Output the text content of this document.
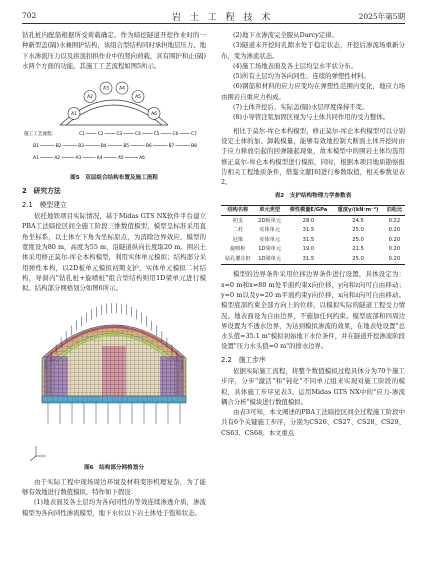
702	岩 土 工 程 技 术	2025年第5期

钻孔桩内配筋根据所受荷载确定。作为暗挖隧道开挖作业时的一种新型盖(隔)水兼围护结构，该组合型结构同时承担地层压力、地下水渗流压力以及拱顶扣拱作业中的竖向荷载，具有围护和止(隔)水两个方面的功能。其施工工艺流程如图5所示。

A1
A2
A3 A4
A5
A6
C1	C2	C3	C4	C5	C6	C7
B1	B2	B3	B4	B5	B6	B7	B8
A1	A2	A3	A4	A5	A6
施工工艺流程：
图5　双层组合结构布置及施工流程
2　研究方法
2.1　模型建立

依托地铁项目实际情况，基于Midas GTS NX软件平台建立PBA工法暗挖区间全施工阶段三维数值模型，模型呈标准采用直角坐标系，以土体左下角为坐标原点，为消除边界效应，模型的宽度设为80 m，高度为55 m，沿隧道纵向长度取20 m。围岩土体采用修正莫尔-库仑本构模型，利用实体单元模拟；结构部分采用弹性本构，以2D板单元模拟初期支护，实体单元模拟二衬结构，导洞内"钻孔桩+旋喷桩"组合型结构则用1D梁单元进行模拟。结构部分网格划分如图6所示。

图6　结构部分网格划分

由于实际工程中现场周边环境及材料变形机理复杂，为了能够有效地进行数值模拟，特作如下假设：

(1)地表面及各土层均为各向同性的等效连续渗透介质，渗流模型为各向同性渗流模型，地下水位以下岩土体处于饱和状态。

(2)地下水渗流完全服从Darcy定律。

(3)隧道未开挖时孔隙水处于稳定状态，开挖后渗流场重新分布，变为渗流状态。

(4)施工场地表面及各土层均呈水平状分布。

(5)所有土层均为各向同性、连续的弹塑性材料。

(6)钢筋和材料的应力应变均在弹塑性范围内变化，地应力场由围岩自重应力构成。

(7)土体开挖后，实际盖(隔)水层厚度保持不变。

(8)小导管注浆加固区视为与土体共同作用的受力整体。

相比于莫尔-库仑本构模型，修正莫尔-库仑本构模型可以分别设定土体的加、卸载模量，能够有效地控制大断面土体开挖时由于应力释放引起的回弹隆起现象，故本模型中的围岩土体均选用修正莫尔-库仑本构模型进行模拟，同时，根据本项目地质勘察报告相关工程地质条件，借鉴文献[6]进行参数取值，相关参数见表2。

表2　支护结构物理力学参数表
结构名称	单元类型	弹性模量E/GPa	重度γ/(kN·m⁻³)	泊松比
初支	2D板单元	28.0	24.5	0.22
二衬	实体单元	31.5	25.0	0.20
冠梁	实体单元	31.5	25.0	0.20
旋喷桩	1D梁单元	19.0	21.5	0.20
钻孔灌注桩	1D梁单元	31.5	25.0	0.20

模型的边界条件采用位移边界条件进行设置，具体设定为：x=0 m和x=80 m处平面约束x向位移，y向和z向可自由移动；y=0 m以及y=20 m平面约束y向位移，x向和z向可自由移动。模型底部约束全部方向上的位移，以模拟实际的隧道工程受力情况。地表面设为自由边界，不施加任何约束。模型底部和四周边界设置为不透水边界，为达到模拟渗流的效果，在地表处设置"总水头值=35.1 m"模拟初始地下水位条件，并在隧道开挖渗流阶段设置"压力水头值=0 m"的排水边界。

2.2　施工步序

依据实际施工流程，将整个数值模拟过程具体分为70个施工步序，分步"激活"和"钝化"不同单元组来实现对施工阶段的模拟，具体施工步序见表3。运用Midas GTS NX中的"应力-渗流耦合分析"模块进行数值模拟。

由表3可知，本文阐述的PBA工法暗挖区间全过程施工阶段中共有6个关键施工步序，分别为CS26、CS27、CS28、CS29、CS63、CS68。本文重点
